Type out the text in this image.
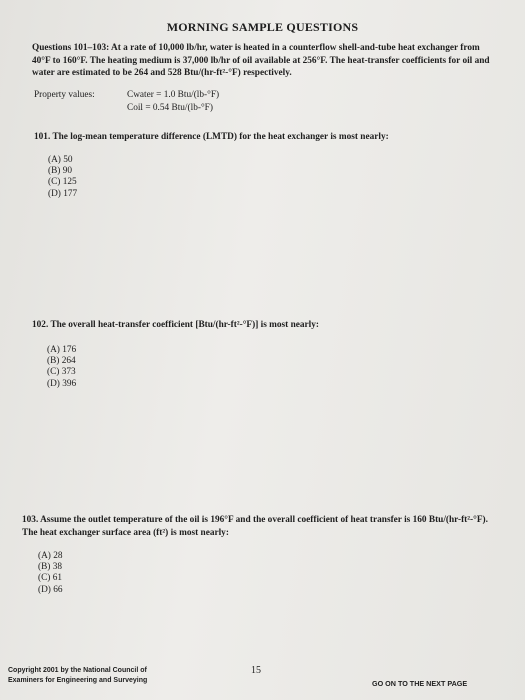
MORNING SAMPLE QUESTIONS
Questions 101–103: At a rate of 10,000 lb/hr, water is heated in a counterflow shell-and-tube heat exchanger from 40°F to 160°F. The heating medium is 37,000 lb/hr of oil available at 256°F. The heat-transfer coefficients for oil and water are estimated to be 264 and 528 Btu/(hr-ft²-°F) respectively.
Property values:	Cwater = 1.0 Btu/(lb-°F)
Coil = 0.54 Btu/(lb-°F)
101. The log-mean temperature difference (LMTD) for the heat exchanger is most nearly:
(A) 50
(B) 90
(C) 125
(D) 177
102. The overall heat-transfer coefficient [Btu/(hr-ft²-°F)] is most nearly:
(A) 176
(B) 264
(C) 373
(D) 396
103. Assume the outlet temperature of the oil is 196°F and the overall coefficient of heat transfer is 160 Btu/(hr-ft²-°F). The heat exchanger surface area (ft²) is most nearly:
(A) 28
(B) 38
(C) 61
(D) 66
Copyright 2001 by the National Council of
Examiners for Engineering and Surveying
15
GO ON TO THE NEXT PAGE
